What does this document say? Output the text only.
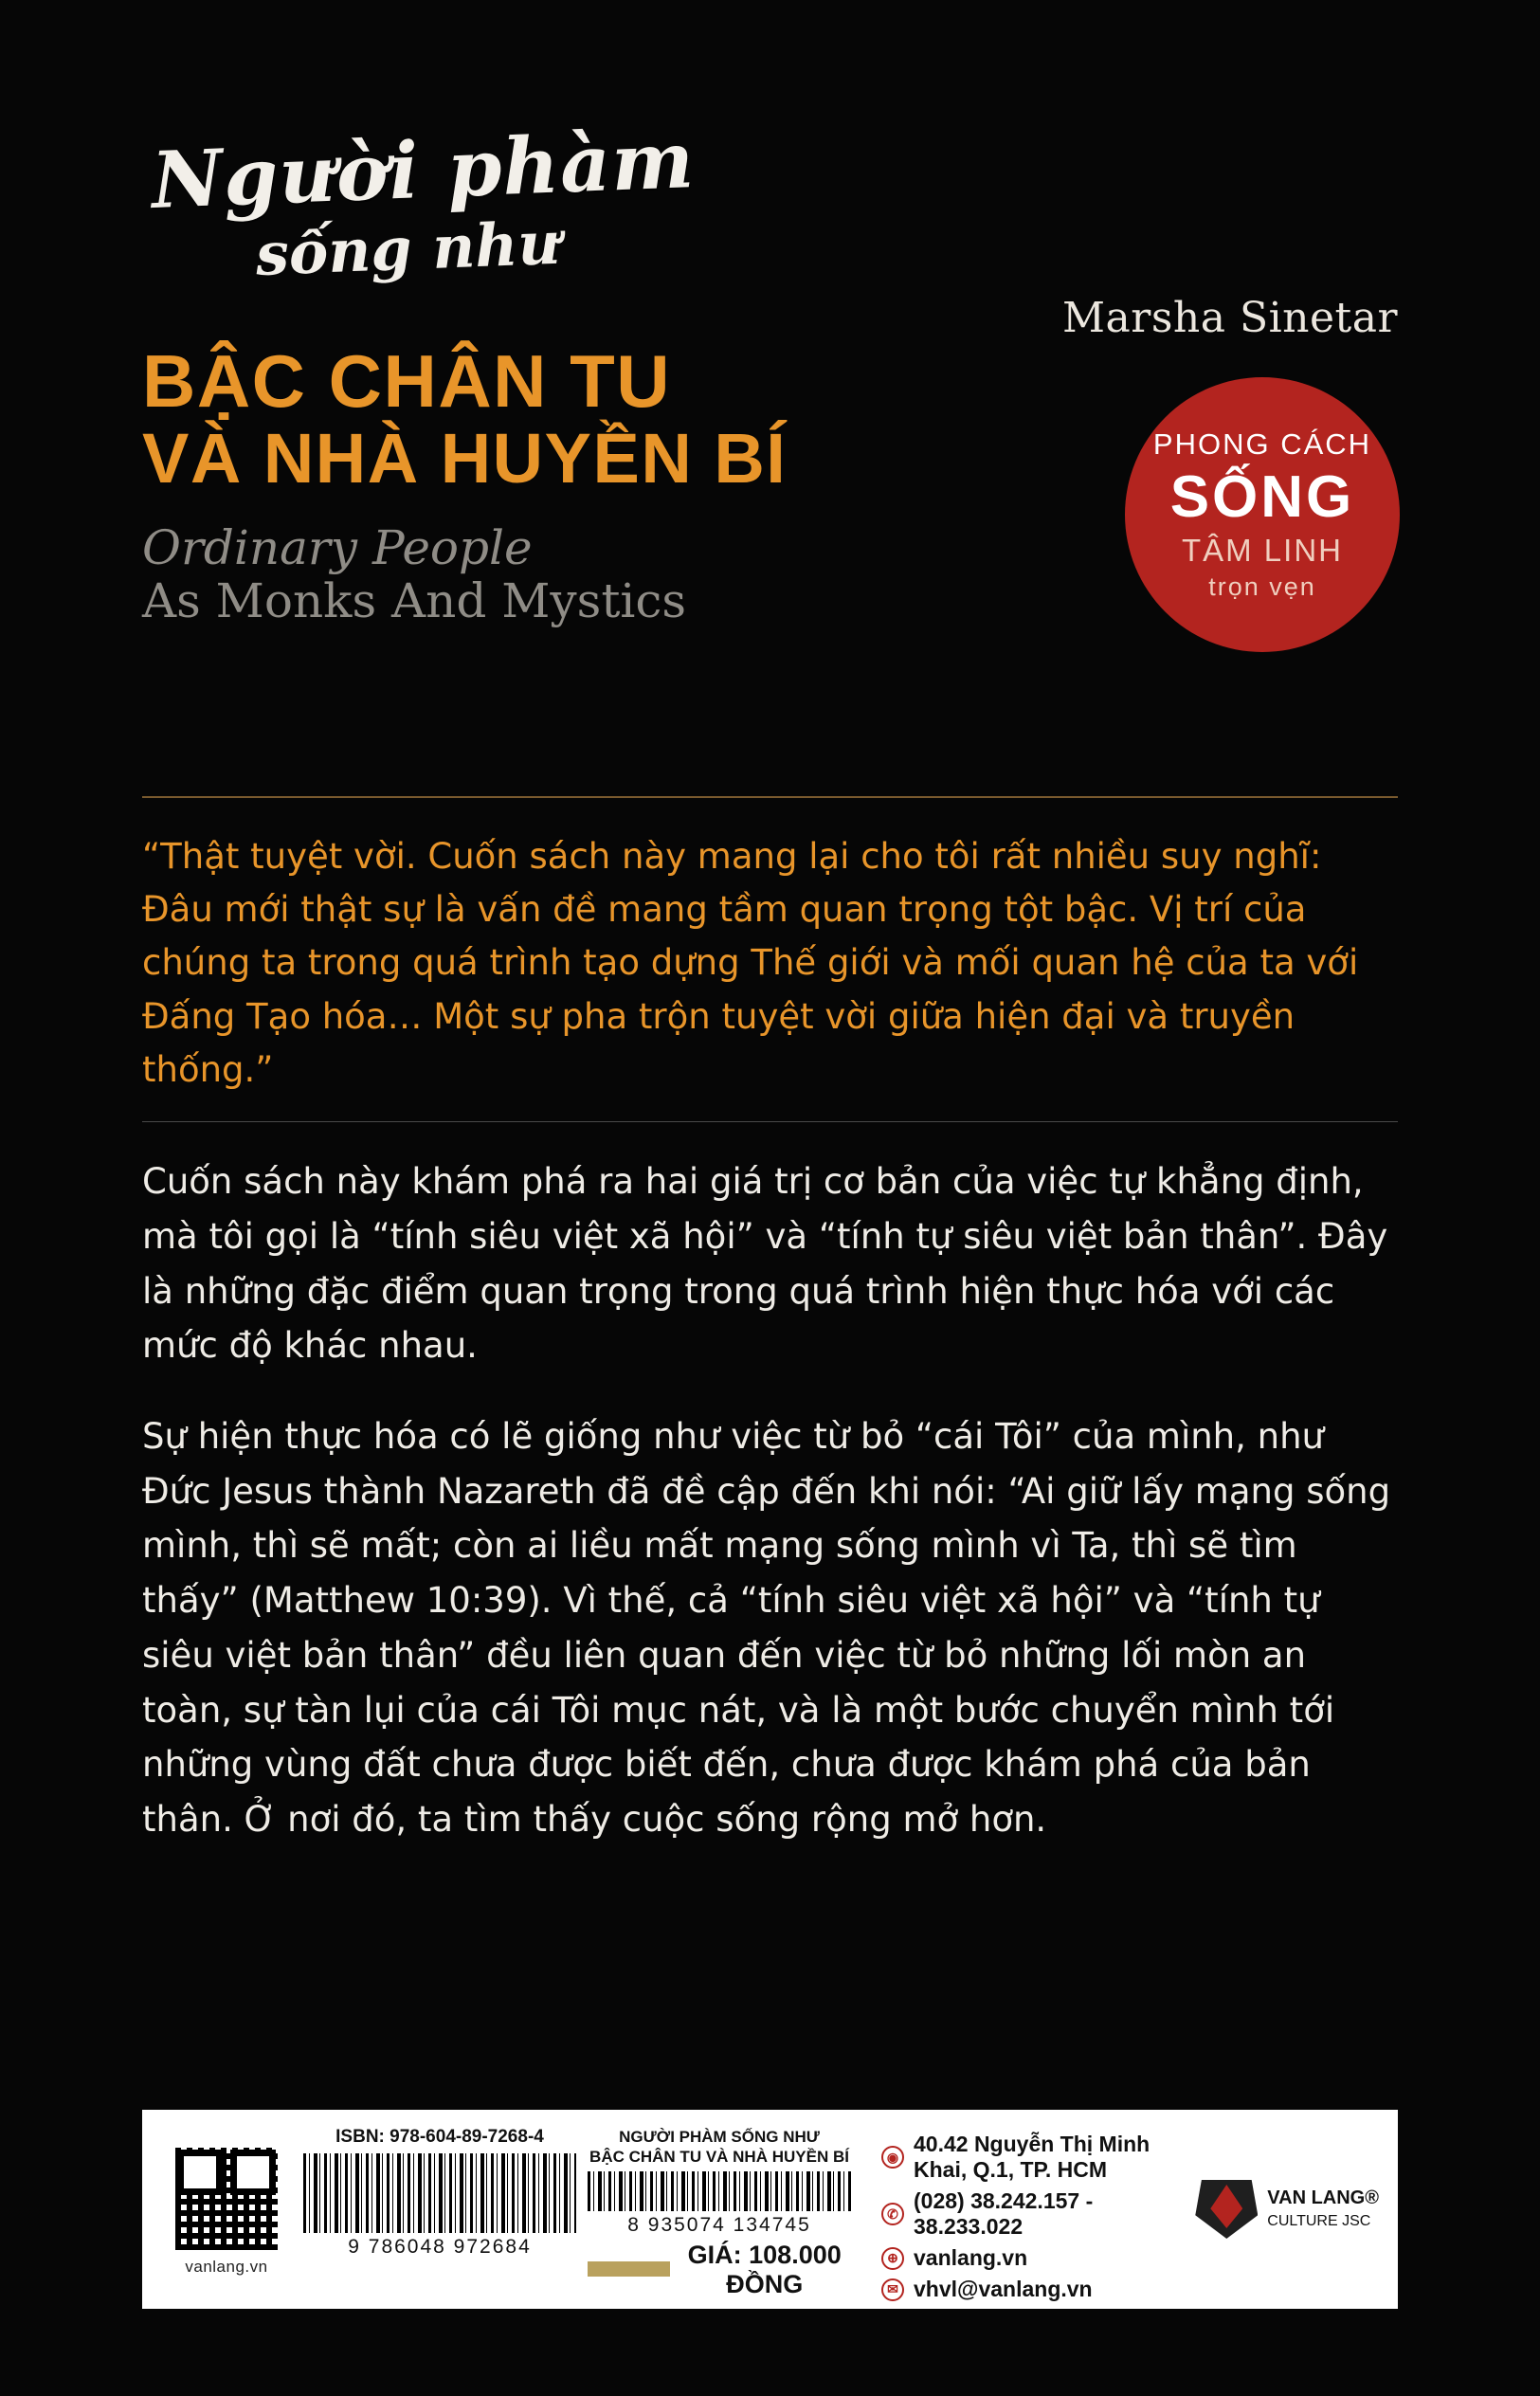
Người phàm
sống như
Marsha Sinetar
BẬC CHÂN TU
VÀ NHÀ HUYỀN BÍ
Ordinary People
As Monks And Mystics
PHONG CÁCH
SỐNG
TÂM LINH
trọn vẹn
“Thật tuyệt vời. Cuốn sách này mang lại cho tôi rất nhiều suy nghĩ: Đâu mới thật sự là vấn đề mang tầm quan trọng tột bậc. Vị trí của chúng ta trong quá trình tạo dựng Thế giới và mối quan hệ của ta với Đấng Tạo hóa… Một sự pha trộn tuyệt vời giữa hiện đại và truyền thống.”
Cuốn sách này khám phá ra hai giá trị cơ bản của việc tự khẳng định, mà tôi gọi là “tính siêu việt xã hội” và “tính tự siêu việt bản thân”. Đây là những đặc điểm quan trọng trong quá trình hiện thực hóa với các mức độ khác nhau.
Sự hiện thực hóa có lẽ giống như việc từ bỏ “cái Tôi” của mình, như Đức Jesus thành Nazareth đã đề cập đến khi nói: “Ai giữ lấy mạng sống mình, thì sẽ mất; còn ai liều mất mạng sống mình vì Ta, thì sẽ tìm thấy” (Matthew 10:39). Vì thế, cả “tính siêu việt xã hội” và “tính tự siêu việt bản thân” đều liên quan đến việc từ bỏ những lối mòn an toàn, sự tàn lụi của cái Tôi mục nát, và là một bước chuyển mình tới những vùng đất chưa được biết đến, chưa được khám phá của bản thân. Ở nơi đó, ta tìm thấy cuộc sống rộng mở hơn.
vanlang.vn
ISBN: 978-604-89-7268-4
9 786048 972684
NGƯỜI PHÀM SỐNG NHƯ
BẬC CHÂN TU VÀ NHÀ HUYỀN BÍ
8 935074 134745
GIÁ: 108.000 ĐỒNG
◉
40.42 Nguyễn Thị Minh Khai, Q.1, TP. HCM
✆
(028) 38.242.157 - 38.233.022
⊕ vanlang.vn
✉ vhvl@vanlang.vn
VAN LANG®
CULTURE JSC
